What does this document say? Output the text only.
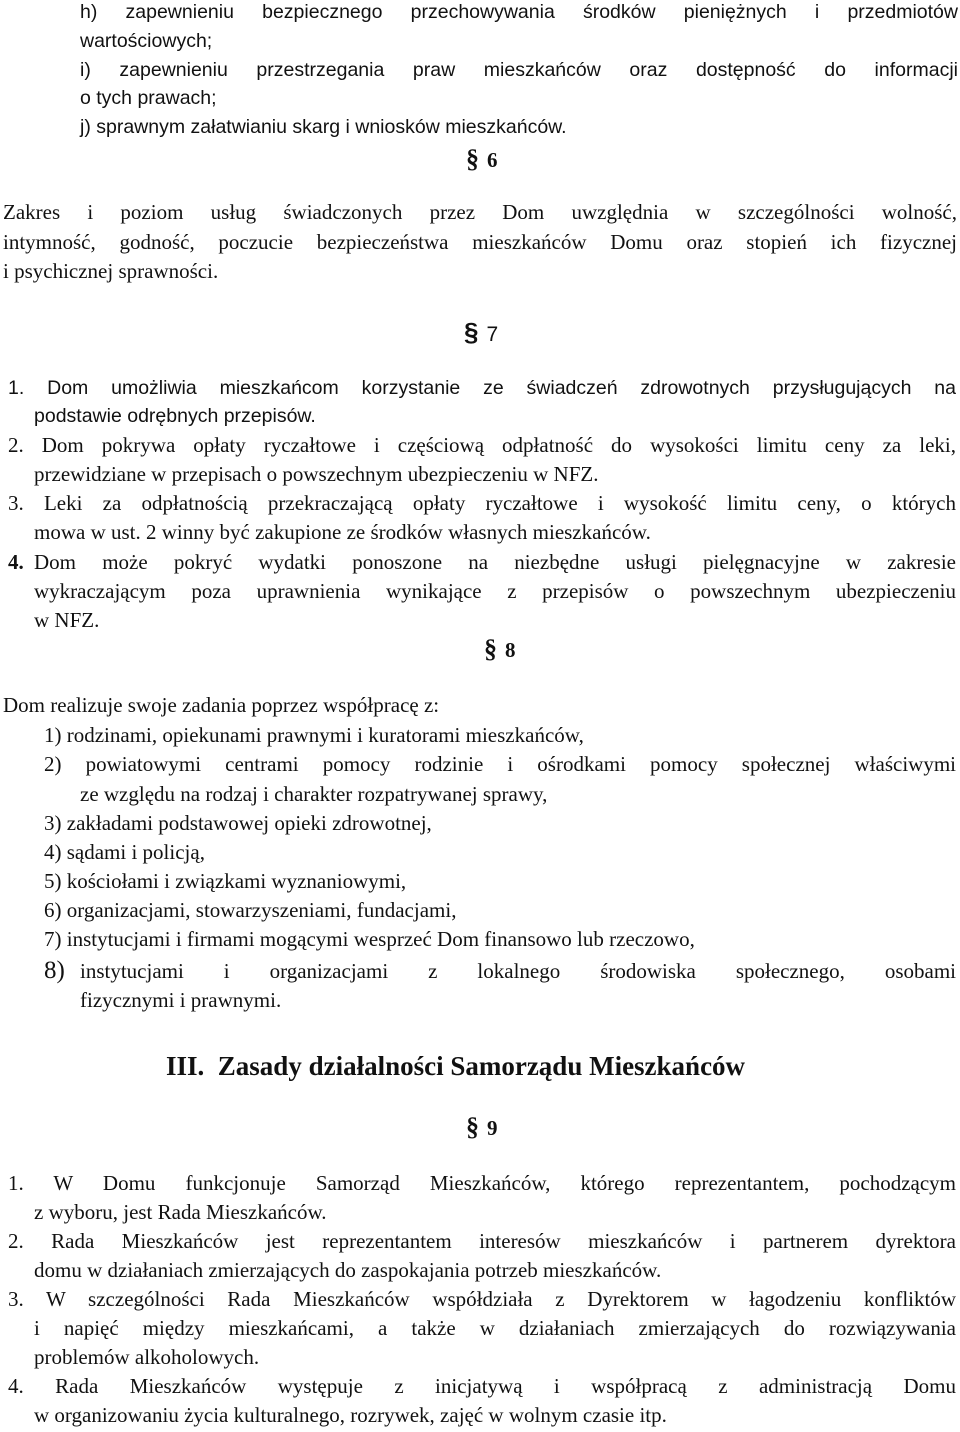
h) zapewnieniu bezpiecznego przechowywania środków pieniężnych i przedmiotów
wartościowych;
i) zapewnieniu przestrzegania praw mieszkańców oraz dostępność do informacji
o tych prawach;
j) sprawnym załatwianiu skarg i wniosków mieszkańców.
§ 6
Zakres i poziom usług świadczonych przez Dom uwzględnia w szczególności wolność,
intymność, godność, poczucie bezpieczeństwa mieszkańców Domu oraz stopień ich fizycznej
i psychicznej sprawności.
§ 7
1. Dom umożliwia mieszkańcom korzystanie ze świadczeń zdrowotnych przysługujących na
podstawie odrębnych przepisów.
2. Dom pokrywa opłaty ryczałtowe i częściową odpłatność do wysokości limitu ceny za leki,
przewidziane w przepisach o powszechnym ubezpieczeniu w NFZ.
3. Leki za odpłatnością przekraczającą opłaty ryczałtowe i wysokość limitu ceny, o których
mowa w ust. 2 winny być zakupione ze środków własnych mieszkańców.
4. Dom może pokryć wydatki ponoszone na niezbędne usługi pielęgnacyjne w zakresie
wykraczającym poza uprawnienia wynikające z przepisów o powszechnym ubezpieczeniu
w NFZ.
§ 8
Dom realizuje swoje zadania poprzez współpracę z:
1) rodzinami, opiekunami prawnymi i kuratorami mieszkańców,
2) powiatowymi centrami pomocy rodzinie i ośrodkami pomocy społecznej właściwymi
ze względu na rodzaj i charakter rozpatrywanej sprawy,
3) zakładami podstawowej opieki zdrowotnej,
4) sądami i policją,
5) kościołami i związkami wyznaniowymi,
6) organizacjami, stowarzyszeniami, fundacjami,
7) instytucjami i firmami mogącymi wesprzeć Dom finansowo lub rzeczowo,
8) instytucjami i organizacjami z lokalnego środowiska społecznego, osobami
fizycznymi i prawnymi.
III. Zasady działalności Samorządu Mieszkańców
§ 9
1. W Domu funkcjonuje Samorząd Mieszkańców, którego reprezentantem, pochodzącym
z wyboru, jest Rada Mieszkańców.
2. Rada Mieszkańców jest reprezentantem interesów mieszkańców i partnerem dyrektora
domu w działaniach zmierzających do zaspokajania potrzeb mieszkańców.
3. W szczególności Rada Mieszkańców współdziała z Dyrektorem w łagodzeniu konfliktów
i napięć między mieszkańcami, a także w działaniach zmierzających do rozwiązywania
problemów alkoholowych.
4. Rada Mieszkańców występuje z inicjatywą i współpracą z administracją Domu
w organizowaniu życia kulturalnego, rozrywek, zajęć w wolnym czasie itp.
